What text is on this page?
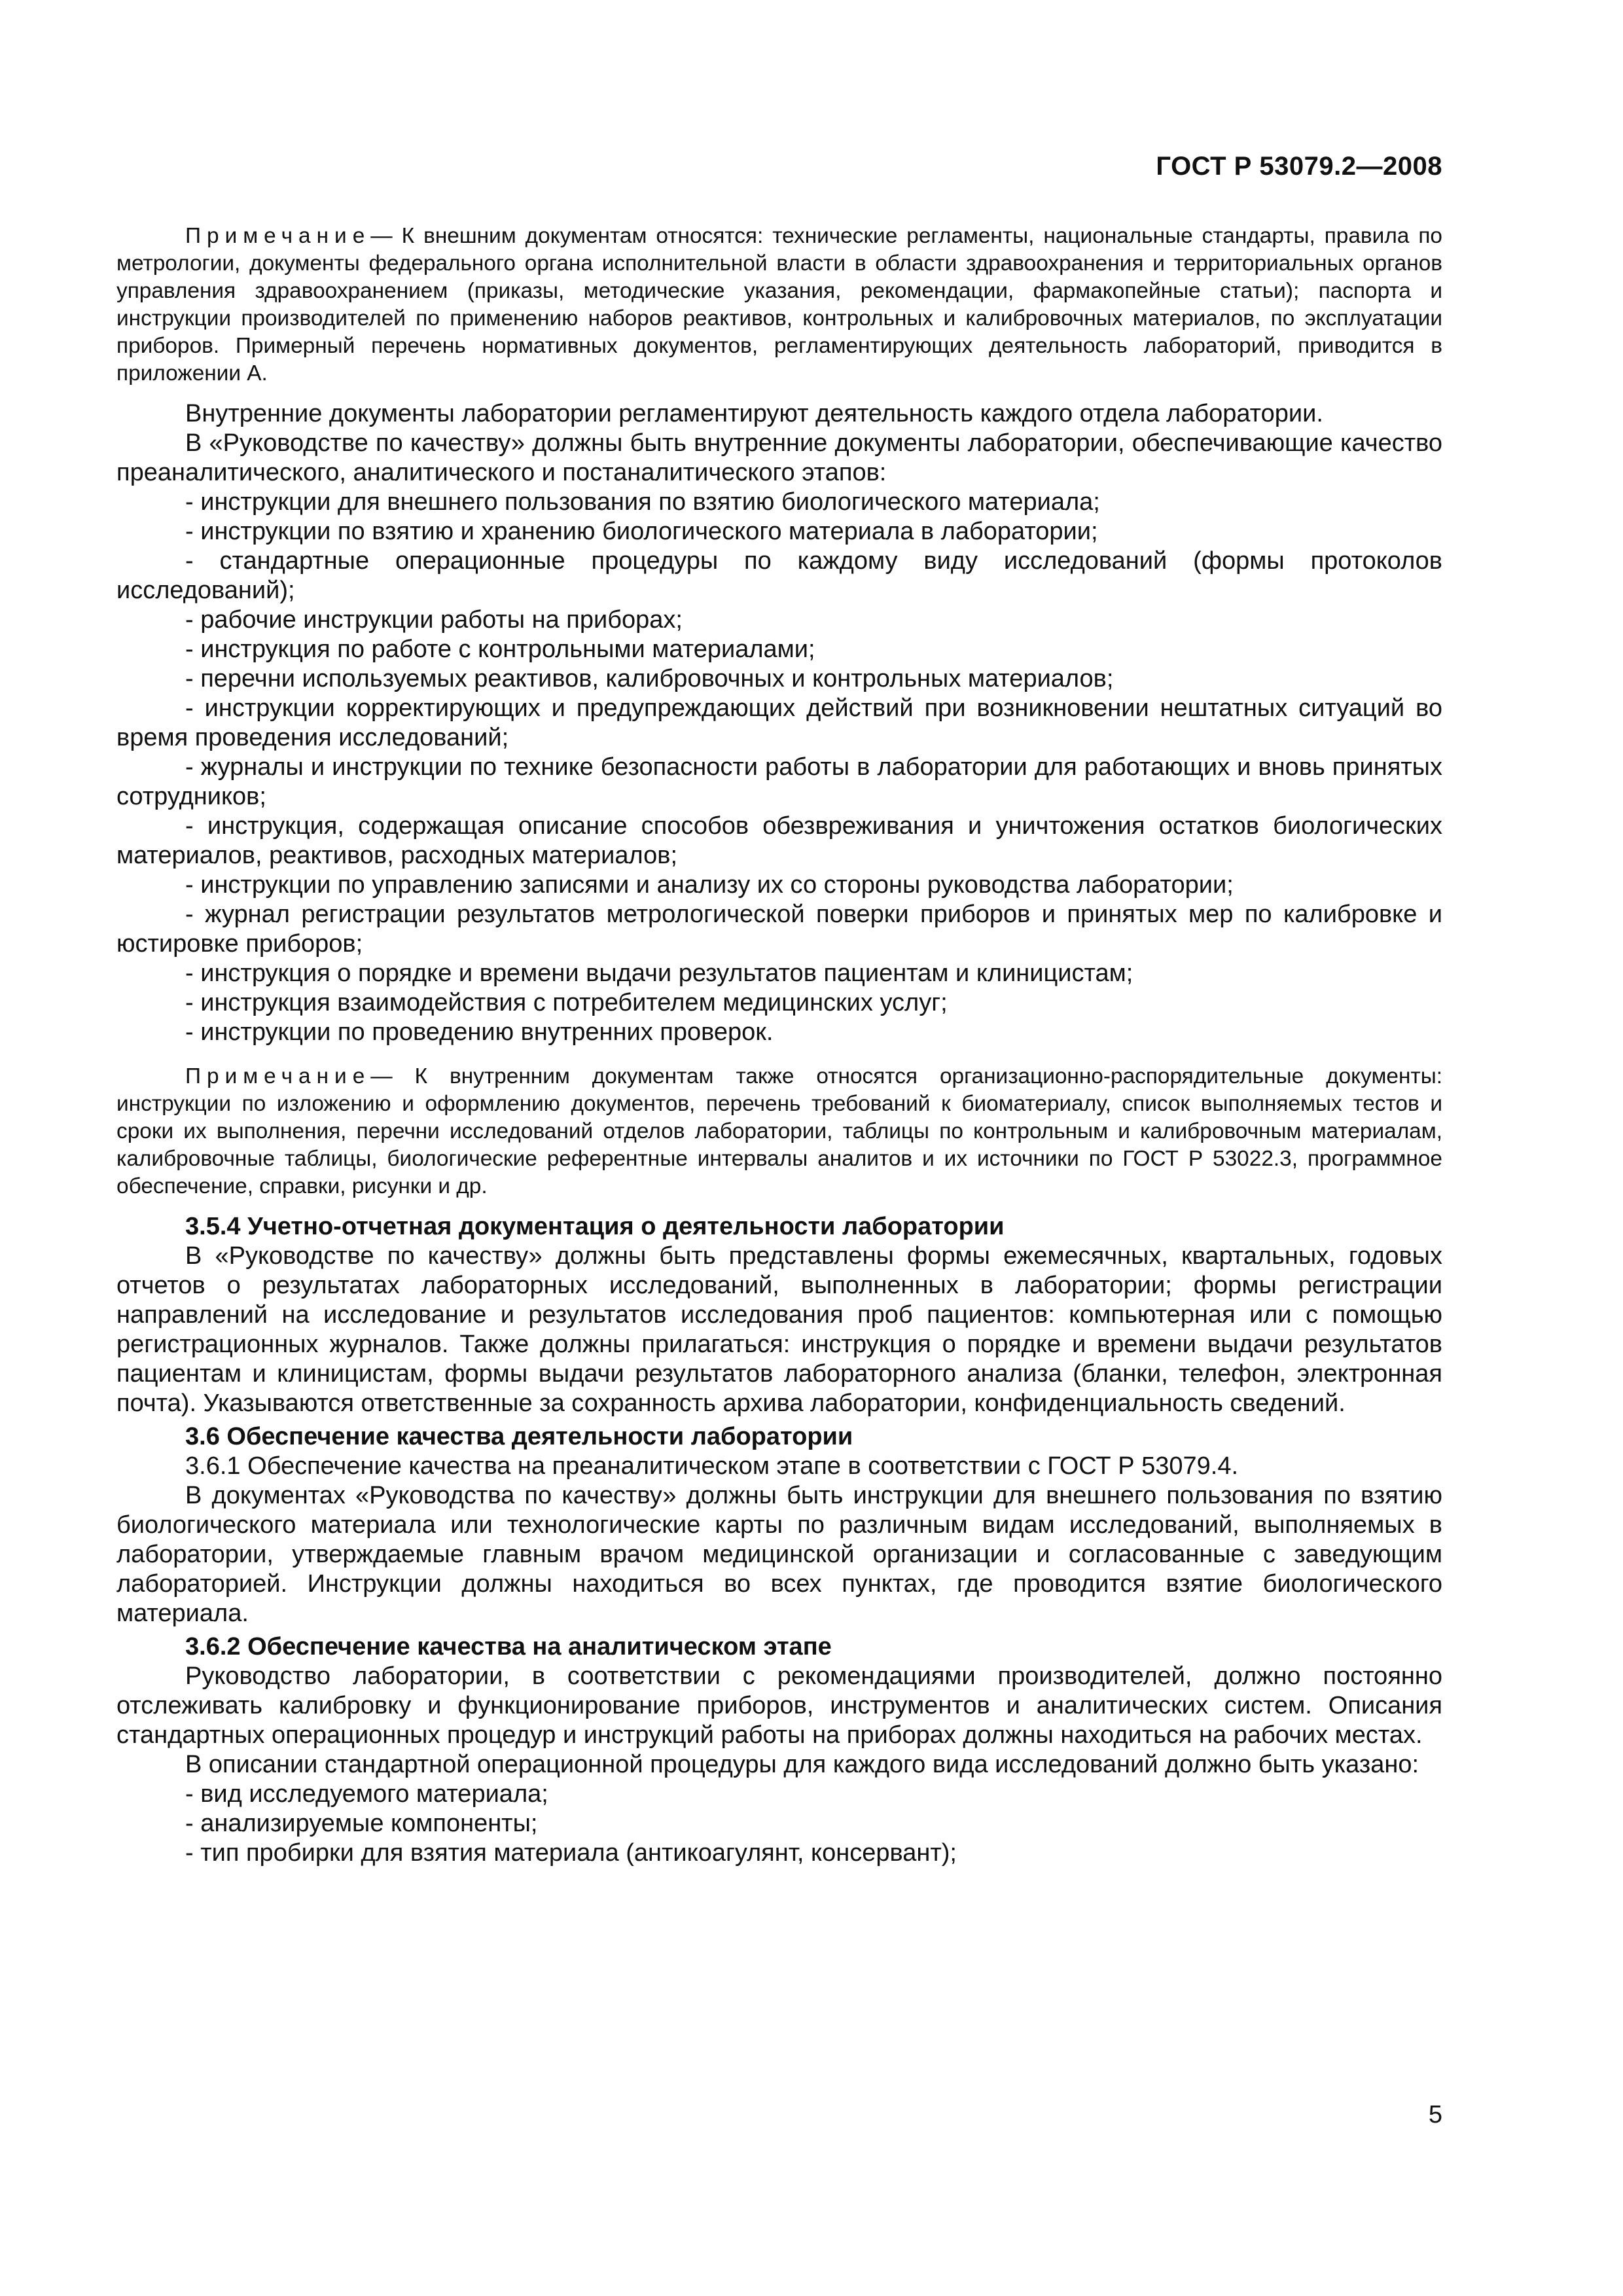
ГОСТ Р 53079.2—2008

Примечание— К внешним документам относятся: технические регламенты, национальные стандарты, правила по метрологии, документы федерального органа исполнительной власти в области здравоохранения и территориальных органов управления здравоохранением (приказы, методические указания, рекомендации, фармакопейные статьи); паспорта и инструкции производителей по применению наборов реактивов, контрольных и калибровочных материалов, по эксплуатации приборов. Примерный перечень нормативных документов, регламентирующих деятельность лабораторий, приводится в приложении А.

Внутренние документы лаборатории регламентируют деятельность каждого отдела лаборатории.

В «Руководстве по качеству» должны быть внутренние документы лаборатории, обеспечивающие качество преаналитического, аналитического и постаналитического этапов:

- инструкции для внешнего пользования по взятию биологического материала;

- инструкции по взятию и хранению биологического материала в лаборатории;

- стандартные операционные процедуры по каждому виду исследований (формы протоколов исследований);

- рабочие инструкции работы на приборах;

- инструкция по работе с контрольными материалами;

- перечни используемых реактивов, калибровочных и контрольных материалов;

- инструкции корректирующих и предупреждающих действий при возникновении нештатных ситуаций во время проведения исследований;

- журналы и инструкции по технике безопасности работы в лаборатории для работающих и вновь принятых сотрудников;

- инструкция, содержащая описание способов обезвреживания и уничтожения остатков биологических материалов, реактивов, расходных материалов;

- инструкции по управлению записями и анализу их со стороны руководства лаборатории;

- журнал регистрации результатов метрологической поверки приборов и принятых мер по калибровке и юстировке приборов;

- инструкция о порядке и времени выдачи результатов пациентам и клиницистам;

- инструкция взаимодействия с потребителем медицинских услуг;

- инструкции по проведению внутренних проверок.

Примечание— К внутренним документам также относятся организационно-распорядительные документы: инструкции по изложению и оформлению документов, перечень требований к биоматериалу, список выполняемых тестов и сроки их выполнения, перечни исследований отделов лаборатории, таблицы по контрольным и калибровочным материалам, калибровочные таблицы, биологические референтные интервалы аналитов и их источники по ГОСТ Р 53022.3, программное обеспечение, справки, рисунки и др.

3.5.4 Учетно-отчетная документация о деятельности лаборатории

В «Руководстве по качеству» должны быть представлены формы ежемесячных, квартальных, годовых отчетов о результатах лабораторных исследований, выполненных в лаборатории; формы регистрации направлений на исследование и результатов исследования проб пациентов: компьютерная или с помощью регистрационных журналов. Также должны прилагаться: инструкция о порядке и времени выдачи результатов пациентам и клиницистам, формы выдачи результатов лабораторного анализа (бланки, телефон, электронная почта). Указываются ответственные за сохранность архива лаборатории, конфиденциальность сведений.

3.6 Обеспечение качества деятельности лаборатории

3.6.1 Обеспечение качества на преаналитическом этапе в соответствии с ГОСТ Р 53079.4.

В документах «Руководства по качеству» должны быть инструкции для внешнего пользования по взятию биологического материала или технологические карты по различным видам исследований, выполняемых в лаборатории, утверждаемые главным врачом медицинской организации и согласованные с заведующим лабораторией. Инструкции должны находиться во всех пунктах, где проводится взятие биологического материала.

3.6.2 Обеспечение качества на аналитическом этапе

Руководство лаборатории, в соответствии с рекомендациями производителей, должно постоянно отслеживать калибровку и функционирование приборов, инструментов и аналитических систем. Описания стандартных операционных процедур и инструкций работы на приборах должны находиться на рабочих местах.

В описании стандартной операционной процедуры для каждого вида исследований должно быть указано:

- вид исследуемого материала;

- анализируемые компоненты;

- тип пробирки для взятия материала (антикоагулянт, консервант);

5
